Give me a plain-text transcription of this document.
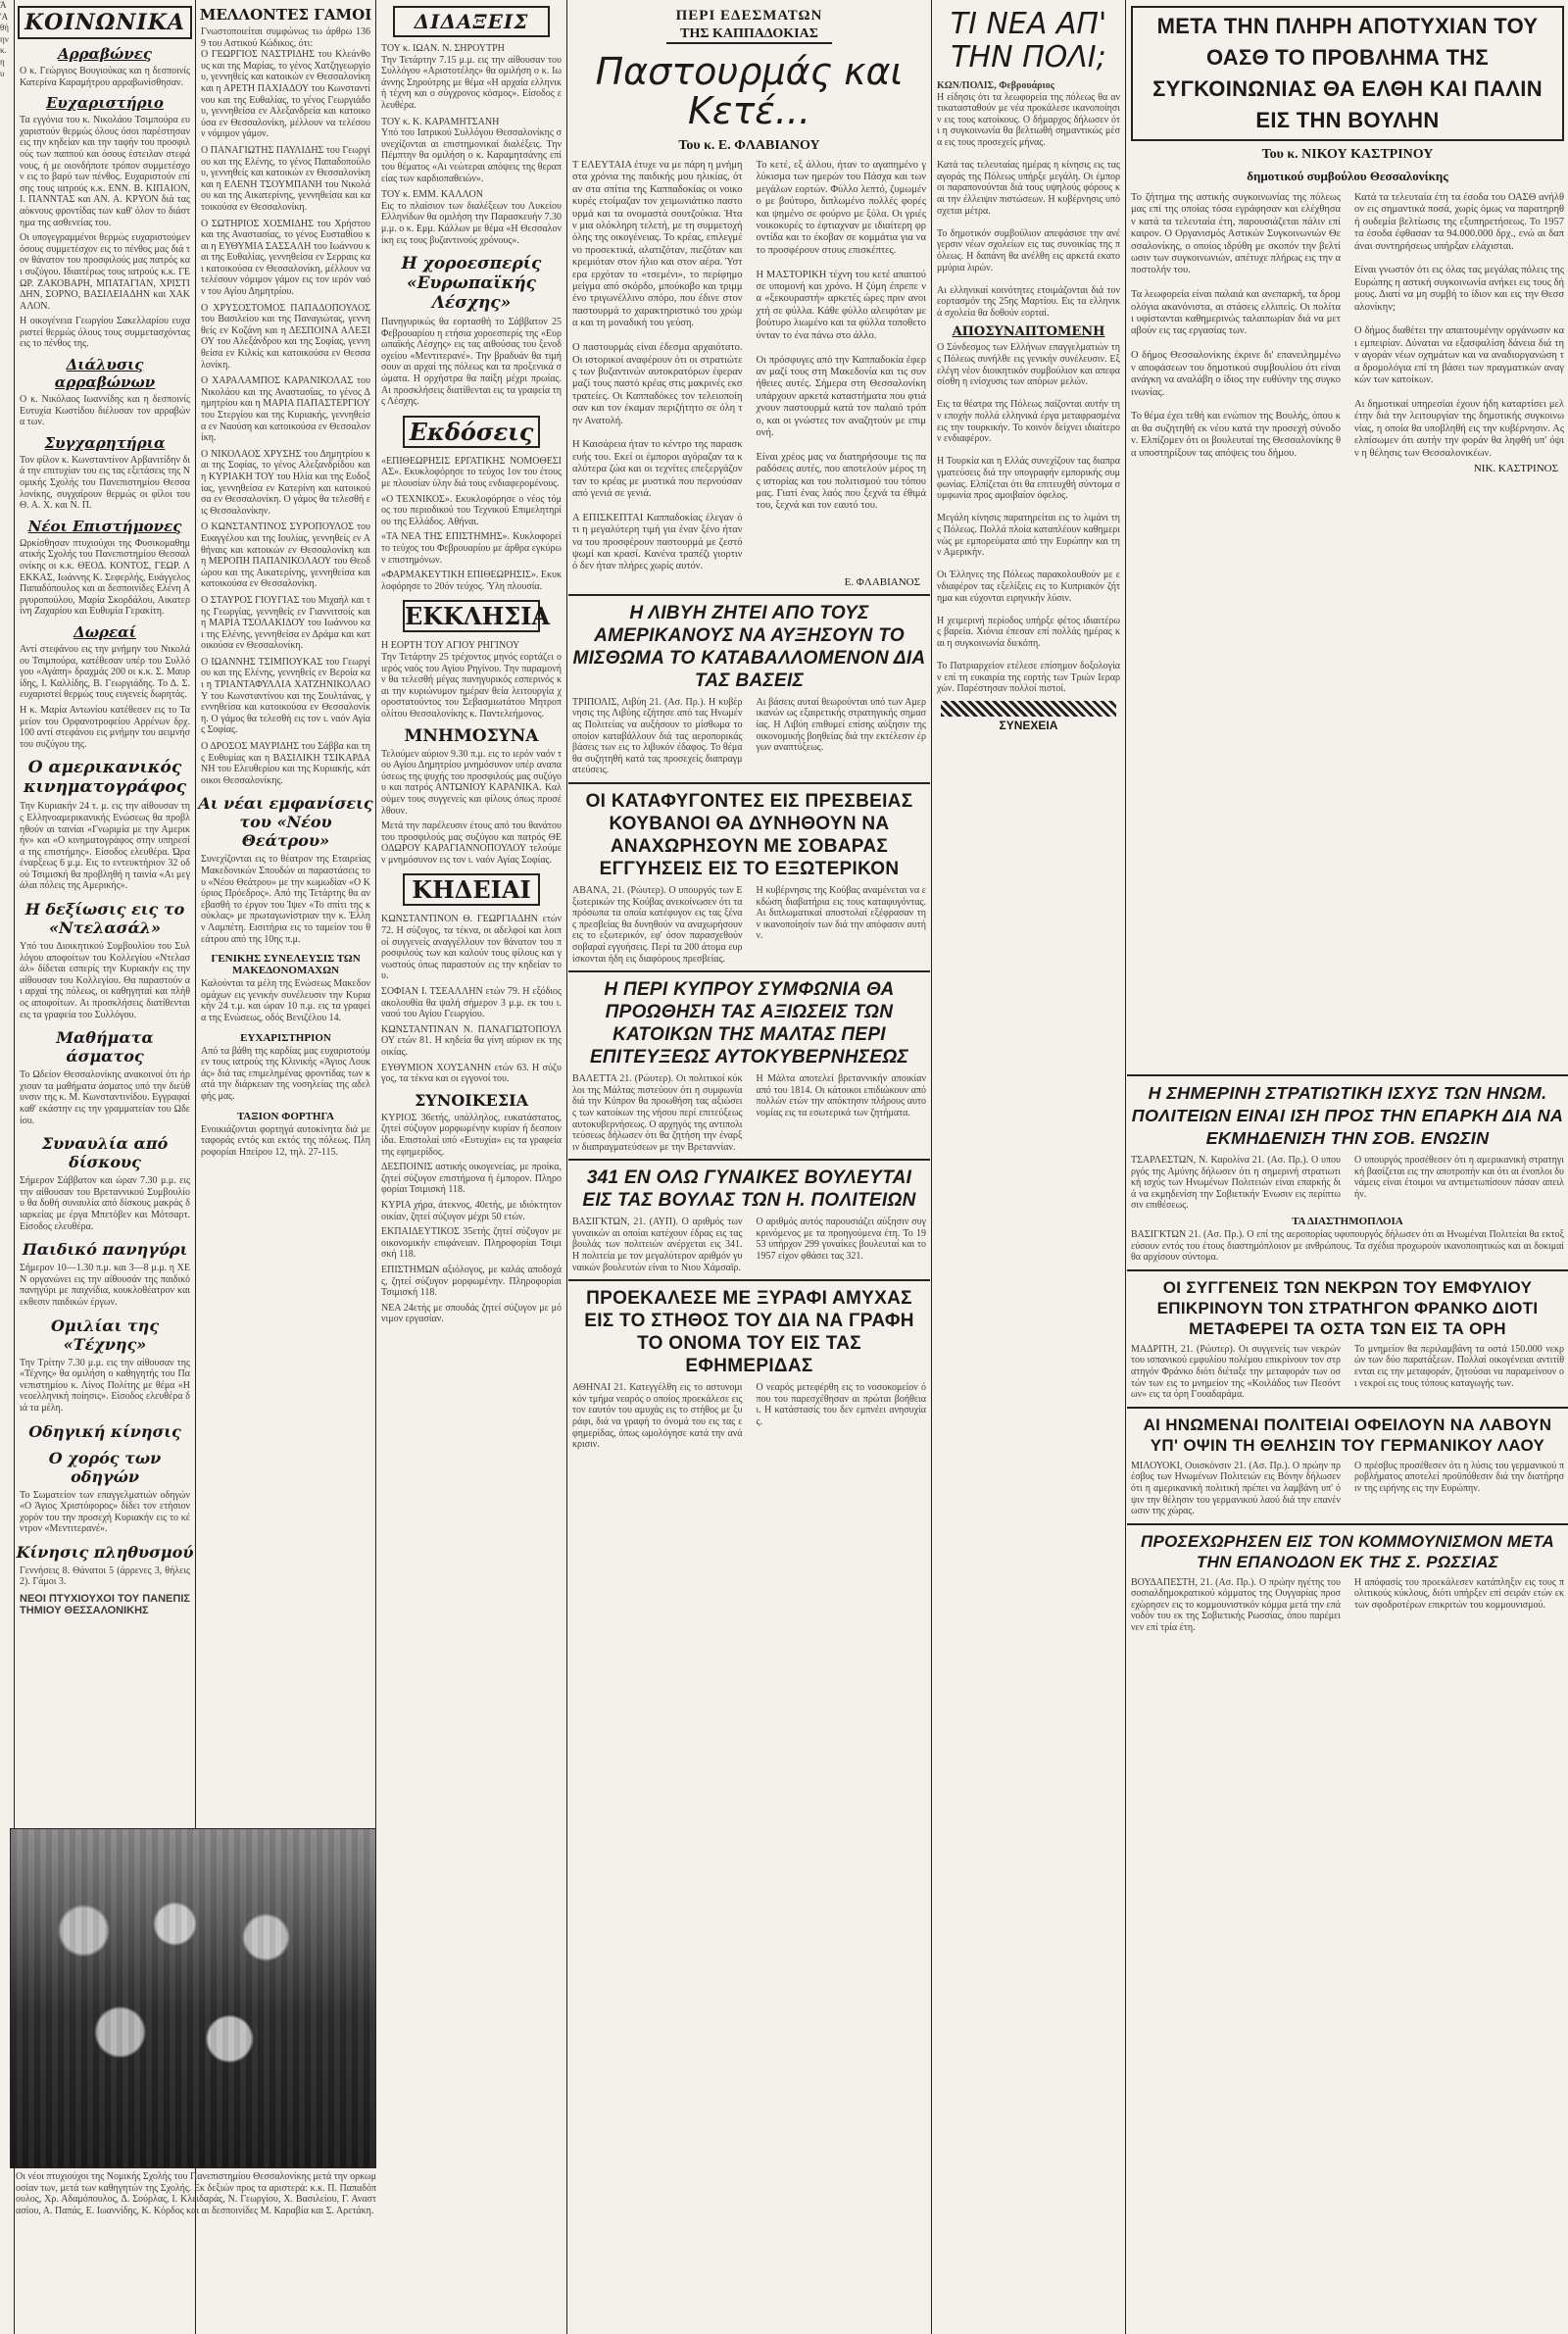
Ά
'Α
θή
ην
κ.
η
υ
ΚΟΙΝΩΝΙΚΑ
Αρραβώνες
Ο κ. Γεώργιος Βουγιούκας και η δεσποινίς Κατερίνα Καραμήτρου αρραβωνίσθησαν.
Ευχαριστήριο
Τα εγγόνια του κ. Νικολάου Τσιμπούρα ευχαριστούν θερμώς όλους όσοι παρέστησαν εις την κηδείαν και την ταφήν του προσφιλούς των παππού και όσους έστειλαν στεφάνους, ή με οιονδήποτε τρόπον συμμετέσχον εις το βαρύ των πένθος. Ευχαριστούν επίσης τους ιατρούς κ.κ. ΕΝΝ. Β. ΚΙΠΑΙΟΝ, Ι. ΠΑΝΝΤΑΣ και ΑΝ. Α. ΚΡΥΟΝ διά τας αόκνους φροντίδας των καθ' όλον το διάστημα της ασθενείας του.
Οι υπογεγραμμένοι θερμώς ευχαριστούμεν όσους συμμετέσχον εις το πένθος μας διά τον θάνατον του προσφιλούς μας πατρός και συζύγου. Ιδιαιτέρως τους ιατρούς κ.κ. ΓΕΩΡ. ΖΑΚΟΒΑΡΗ, ΜΠΑΤΑΓΙΑΝ, ΧΡΙΣΤΙΔΗΝ, ΣΟΡΝΟ, ΒΑΣΙΛΕΙΑΔΗΝ και ΧΑΚΑΛΟΝ.
Η οικογένεια Γεωργίου Σακελλαρίου ευχαριστεί θερμώς όλους τους συμμετασχόντας εις το πένθος της.
Διάλυσις αρραβώνων
Ο κ. Νικόλαος Ιωαννίδης και η δεσποινίς Ευτυχία Κωστίδου διέλυσαν τον αρραβώνα των.
Συγχαρητήρια
Τον φίλον κ. Κωνσταντίνον Αρβανιτίδην διά την επιτυχίαν του εις τας εξετάσεις της Νομικής Σχολής του Πανεπιστημίου Θεσσαλονίκης, συγχαίρουν θερμώς οι φίλοι του Θ. Α. Χ. και Ν. Π.
Νέοι Επιστήμονες
Ωρκίσθησαν πτυχιούχοι της Φυσικομαθηματικής Σχολής του Πανεπιστημίου Θεσσαλονίκης οι κ.κ. ΘΕΟΔ. ΚΟΝΤΟΣ, ΓΕΩΡ. ΛΕΚΚΑΣ, Ιωάννης Κ. Σεφερλής, Ευάγγελος Παπαδόπουλος και αι δεσποινίδες Ελένη Αργυροπούλου, Μαρία Σκορδάλου, Αικατερίνη Ζαχαρίου και Ευθυμία Γερακίτη.
Δωρεαί
Αντί στεφάνου εις την μνήμην του Νικολάου Τσιμπούρα, κατέθεσαν υπέρ του Συλλόγου «Αγάπη» δραχμάς 200 οι κ.κ. Σ. Μαυρίδης, Ι. Καλλίδης, Β. Γεωργιάδης. Το Δ. Σ. ευχαριστεί θερμώς τους ευγενείς δωρητάς.
Η κ. Μαρία Αντωνίου κατέθεσεν εις το Ταμείον του Ορφανοτροφείου Αρρένων δρχ. 100 αντί στεφάνου εις μνήμην του αειμνήστου συζύγου της.
Ο αμερικανικός κινηματογράφος
Την Κυριακήν 24 τ. μ. εις την αίθουσαν της Ελληνοαμερικανικής Ενώσεως θα προβληθούν αι ταινίαι «Γνωριμία με την Αμερικήν» και «Ο κινηματογράφος στην υπηρεσία της επιστήμης». Είσοδος ελευθέρα. Ώρα έναρξεως 6 μ.μ. Εις το εντευκτήριον 32 οδού Τσιμισκή θα προβληθή η ταινία «Αι μεγάλαι πόλεις της Αμερικής».
Η δεξίωσις εις το «Ντελασάλ»
Υπό του Διοικητικού Συμβουλίου του Συλλόγου αποφοίτων του Κολλεγίου «Ντελασάλ» δίδεται εσπερίς την Κυριακήν εις την αίθουσαν του Κολλεγίου. Θα παραστούν αι αρχαί της πόλεως, οι καθηγηταί και πλήθος αποφοίτων. Αι προσκλήσεις διατίθενται εις τα γραφεία του Συλλόγου.
Μαθήματα άσματος
Το Ωδείον Θεσσαλονίκης ανακοινοί ότι ήρχισαν τα μαθήματα άσματος υπό την διεύθυνσιν της κ. Μ. Κωνσταντινίδου. Εγγραφαί καθ' εκάστην εις την γραμματείαν του Ωδείου.
Συναυλία από δίσκους
Σήμερον Σάββατον και ώραν 7.30 μ.μ. εις την αίθουσαν του Βρεταννικού Συμβουλίου θα δοθή συναυλία από δίσκους μακράς διαρκείας με έργα Μπετόβεν και Μότσαρτ. Είσοδος ελευθέρα.
Παιδικό πανηγύρι
Σήμερον 10—1.30 π.μ. και 3—8 μ.μ. η ΧΕΝ οργανώνει εις την αίθουσάν της παιδικό πανηγύρι με παιχνίδια, κουκλοθέατρον και εκθεσιν παιδικών έργων.
Ομιλίαι της «Τέχνης»
Την Τρίτην 7.30 μ.μ. εις την αίθουσαν της «Τέχνης» θα ομιλήση ο καθηγητής του Πανεπιστημίου κ. Λίνος Πολίτης με θέμα «Η νεοελληνική ποίησις». Είσοδος ελευθέρα διά τα μέλη.
Οδηγική κίνησις
Ο χορός των οδηγών
Το Σωματείον των επαγγελματιών οδηγών «Ο Άγιος Χριστόφορος» δίδει τον ετήσιον χορόν του την προσεχή Κυριακήν εις το κέντρον «Μεντιτερανέ».
Κίνησις πληθυσμού
Γεννήσεις 8. Θάνατοι 5 (άρρενες 3, θήλεις 2). Γάμοι 3.
ΝΕΟΙ ΠΤΥΧΙΟΥΧΟΙ ΤΟΥ ΠΑΝΕΠΙΣΤΗΜΙΟΥ ΘΕΣΣΑΛΟΝΙΚΗΣ
Οι νέοι πτυχιούχοι της Νομικής Σχολής του Πανεπιστημίου Θεσσαλονίκης μετά την ορκωμοσίαν των, μετά των καθηγητών της Σχολής. Εκ δεξιών προς τα αριστερά: κ.κ. Π. Παπαδόπουλος, Χρ. Αδαμόπουλος, Δ. Σούρλας, Ι. Κλειδαράς, Ν. Γεωργίου, Χ. Βασιλείου, Γ. Αναστασίου, Α. Παπάς, Ε. Ιωαννίδης, Κ. Κόρδος και αι δεσποινίδες Μ. Καραβία και Σ. Αρετάκη.
ΜΕΛΛΟΝΤΕΣ ΓΑΜΟΙ
Γνωστοποιείται συμφώνως τω άρθρω 1369 του Αστικού Κώδικος, ότι:
Ο ΓΕΩΡΓΙΟΣ ΝΑΣΤΡΙΔΗΣ του Κλεάνθους και της Μαρίας, το γένος Χατζηγεωργίου, γεννηθείς και κατοικών εν Θεσσαλονίκη και η ΑΡΕΤΗ ΠΑΧΙΑΔΟΥ του Κωνσταντίνου και της Ευθαλίας, το γένος Γεωργιάδου, γεννηθείσα εν Αλεξανδρεία και κατοικούσα εν Θεσσαλονίκη, μέλλουν να τελέσουν νόμιμον γάμον.
Ο ΠΑΝΑΓΙΩΤΗΣ ΠΑΥΛΙΔΗΣ του Γεωργίου και της Ελένης, το γένος Παπαδοπούλου, γεννηθείς και κατοικών εν Θεσσαλονίκη και η ΕΛΕΝΗ ΤΣΟΥΜΠΑΝΗ του Νικολάου και της Αικατερίνης, γεννηθείσα και κατοικούσα εν Θεσσαλονίκη.
Ο ΣΩΤΗΡΙΟΣ ΧΟΣΜΙΔΗΣ του Χρήστου και της Αναστασίας, το γένος Ευσταθίου και η ΕΥΘΥΜΙΑ ΣΑΣΣΑΛΗ του Ιωάννου και της Ευθαλίας, γεννηθείσα εν Σερραις και κατοικούσα εν Θεσσαλονίκη, μέλλουν να τελέσουν νόμιμον γάμον εις τον ιερόν ναόν του Αγίου Δημητρίου.
Ο ΧΡΥΣΟΣΤΟΜΟΣ ΠΑΠΑΔΟΠΟΥΛΟΣ του Βασιλείου και της Παναγιώτας, γεννηθείς εν Κοζάνη και η ΔΕΣΠΟΙΝΑ ΑΛΕΞΙΟΥ του Αλεξάνδρου και της Σοφίας, γεννηθείσα εν Κιλκίς και κατοικούσα εν Θεσσαλονίκη.
Ο ΧΑΡΑΛΑΜΠΟΣ ΚΑΡΑΝΙΚΟΛΑΣ του Νικολάου και της Αναστασίας, το γένος Δημητρίου και η ΜΑΡΙΑ ΠΑΠΑΣΤΕΡΓΙΟΥ του Στεργίου και της Κυριακής, γεννηθείσα εν Ναούση και κατοικούσα εν Θεσσαλονίκη.
Ο ΝΙΚΟΛΑΟΣ ΧΡΥΣΗΣ του Δημητρίου και της Σοφίας, το γένος Αλεξανδρίδου και η ΚΥΡΙΑΚΗ ΤΟΥ του Ηλία και της Ευδοξίας, γεννηθείσα εν Κατερίνη και κατοικούσα εν Θεσσαλονίκη. Ο γάμος θα τελεσθή εις Θεσσαλονίκην.
Ο ΚΩΝΣΤΑΝΤΙΝΟΣ ΣΥΡΟΠΟΥΛΟΣ του Ευαγγέλου και της Ιουλίας, γεννηθείς εν Αθήναις και κατοικών εν Θεσσαλονίκη και η ΜΕΡΟΠΗ ΠΑΠΑΝΙΚΟΛΑΟΥ του Θεοδώρου και της Αικατερίνης, γεννηθείσα και κατοικούσα εν Θεσσαλονίκη.
Ο ΣΤΑΥΡΟΣ ΓΙΟΥΓΙΑΣ του Μιχαήλ και της Γεωργίας, γεννηθείς εν Γιαννιτσοίς και η ΜΑΡΙΑ ΤΣΟΛΑΚΙΔΟΥ του Ιωάννου και της Ελένης, γεννηθείσα εν Δράμα και κατοικούσα εν Θεσσαλονίκη.
Ο ΙΩΑΝΝΗΣ ΤΣΙΜΠΟΥΚΑΣ του Γεωργίου και της Ελένης, γεννηθείς εν Βεροία και η ΤΡΙΑΝΤΑΦΥΛΛΙΑ ΧΑΤΖΗΝΙΚΟΛΑΟΥ του Κωνσταντίνου και της Σουλτάνας, γεννηθείσα και κατοικούσα εν Θεσσαλονίκη. Ο γάμος θα τελεσθή εις τον ι. ναόν Αγίας Σοφίας.
Ο ΔΡΟΣΟΣ ΜΑΥΡΙΔΗΣ του Σάββα και της Ευθυμίας και η ΒΑΣΙΛΙΚΗ ΤΣΙΚΑΡΔΑΝΗ του Ελευθερίου και της Κυριακής, κάτοικοι Θεσσαλονίκης.
Αι νέαι εμφανίσεις του «Νέου Θεάτρου»
Συνεχίζονται εις το θέατρον της Εταιρείας Μακεδονικών Σπουδών αι παραστάσεις του «Νέου Θεάτρου» με την κωμωδίαν «Ο Κύριος Πρόεδρος». Από της Τετάρτης θα ανεβασθή το έργον του Ίψεν «Το σπίτι της κούκλας» με πρωταγωνίστριαν την κ. Έλλην Λαμπέτη. Εισιτήρια εις το ταμείον του θεάτρου από της 10ης π.μ.
ΓΕΝΙΚΗΣ ΣΥΝΕΛΕΥΣΙΣ ΤΩΝ ΜΑΚΕΔΟΝΟΜΑΧΩΝ
Καλούνται τα μέλη της Ενώσεως Μακεδονομάχων εις γενικήν συνέλευσιν την Κυριακήν 24 τ.μ. και ώραν 10 π.μ. εις τα γραφεία της Ενώσεως, οδός Βενιζέλου 14.
ΕΥΧΑΡΙΣΤΗΡΙΟΝ
Από τα βάθη της καρδίας μας ευχαριστούμεν τους ιατρούς της Κλινικής «Άγιος Λουκάς» διά τας επιμελημένας φροντίδας των κατά την διάρκειαν της νοσηλείας της αδελφής μας.
ΤΑΞΙΟΝ ΦΟΡΤΗΓΑ
Ενοικιάζονται φορτηγά αυτοκίνητα διά μεταφοράς εντός και εκτός της πόλεως. Πληροφορίαι Ηπείρου 12, τηλ. 27-115.
ΔΙΔΑΞΕΙΣ
ΤΟΥ κ. ΙΩΑΝ. Ν. ΣΗΡΟΥΤΡΗ
Την Τετάρτην 7.15 μ.μ. εις την αίθουσαν του Συλλόγου «Αριστοτέλης» θα ομιλήση ο κ. Ιωάννης Σηρούτρης με θέμα «Η αρχαία ελληνική τέχνη και ο σύγχρονος κόσμος». Είσοδος ελευθέρα.
ΤΟΥ κ. Κ. ΚΑΡΑΜΗΤΣΑΝΗ
Υπό του Ιατρικού Συλλόγου Θεσσαλονίκης συνεχίζονται αι επιστημονικαί διαλέξεις. Την Πέμπτην θα ομιλήση ο κ. Καραμητσάνης επί του θέματος «Αι νεώτεραι απόψεις της θεραπείας των καρδιοπαθειών».
ΤΟΥ κ. ΕΜΜ. ΚΑΛΛΟΝ
Εις το πλαίσιον των διαλέξεων του Λυκείου Ελληνίδων θα ομιλήση την Παρασκευήν 7.30 μ.μ. ο κ. Εμμ. Κάλλων με θέμα «Η Θεσσαλονίκη εις τους βυζαντινούς χρόνους».
Η χοροεσπερίς «Ευρωπαϊκής Λέσχης»
Πανηγυρικώς θα εορτασθή το Σάββατον 25 Φεβρουαρίου η ετήσια χοροεσπερίς της «Ευρωπαϊκής Λέσχης» εις τας αιθούσας του ξενοδοχείου «Μεντιτερανέ». Την βραδυάν θα τιμήσουν αι αρχαί της πόλεως και τα προξενικά σώματα. Η ορχήστρα θα παίξη μέχρι πρωίας. Αι προσκλήσεις διατίθενται εις τα γραφεία της Λέσχης.
Εκδόσεις
«ΕΠΙΘΕΩΡΗΣΙΣ ΕΡΓΑΤΙΚΗΣ ΝΟΜΟΘΕΣΙΑΣ». Εκυκλοφόρησε το τεύχος 1ον του έτους με πλουσίαν ύλην διά τους ενδιαφερομένους.
«Ο ΤΕΧΝΙΚΟΣ». Εκυκλοφόρησε ο νέος τόμος του περιοδικού του Τεχνικού Επιμελητηρίου της Ελλάδος. Αθήναι.
«ΤΑ ΝΕΑ ΤΗΣ ΕΠΙΣΤΗΜΗΣ». Κυκλοφορεί το τεύχος του Φεβρουαρίου με άρθρα εγκύρων επιστημόνων.
«ΦΑΡΜΑΚΕΥΤΙΚΗ ΕΠΙΘΕΩΡΗΣΙΣ». Εκυκλοφόρησε το 20όν τεύχος. Ύλη πλουσία.
ΕΚΚΛΗΣΙΑ
Η ΕΟΡΤΗ ΤΟΥ ΑΓΙΟΥ ΡΗΓΙΝΟΥ
Την Τετάρτην 25 τρέχοντος μηνός εορτάζει ο ιερός ναός του Αγίου Ρηγίνου. Την παραμονήν θα τελεσθή μέγας πανηγυρικός εσπερινός και την κυριώνυμον ημέραν θεία λειτουργία χοροστατούντος του Σεβασμιωτάτου Μητροπολίτου Θεσσαλονίκης κ. Παντελεήμονος.
ΜΝΗΜΟΣΥΝΑ
Τελούμεν αύριον 9.30 π.μ. εις το ιερόν ναόν του Αγίου Δημητρίου μνημόσυνον υπέρ αναπαύσεως της ψυχής του προσφιλούς μας συζύγου και πατρός ΑΝΤΩΝΙΟΥ ΚΑΡΑΝΙΚΑ. Καλούμεν τους συγγενείς και φίλους όπως προσέλθουν.
Μετά την παρέλευσιν έτους από του θανάτου του προσφιλούς μας συζύγου και πατρός ΘΕΟΔΩΡΟΥ ΚΑΡΑΓΙΑΝΝΟΠΟΥΛΟΥ τελούμεν μνημόσυνον εις τον ι. ναόν Αγίας Σοφίας.
ΚΗΔΕΙΑΙ
ΚΩΝΣΤΑΝΤΙΝΟΝ Θ. ΓΕΩΡΓΙΑΔΗΝ ετών 72. Η σύζυγος, τα τέκνα, οι αδελφοί και λοιποί συγγενείς αναγγέλλουν τον θάνατον του προσφιλούς των και καλούν τους φίλους και γνωστούς όπως παραστούν εις την κηδείαν του.
ΣΟΦΙΑΝ Ι. ΤΣΕΑΛΛΗΝ ετών 79. Η εξόδιος ακολουθία θα ψαλή σήμερον 3 μ.μ. εκ του ι. ναού του Αγίου Γεωργίου.
ΚΩΝΣΤΑΝΤΙΝΑΝ Ν. ΠΑΝΑΓΙΩΤΟΠΟΥΛΟΥ ετών 81. Η κηδεία θα γίνη αύριον εκ της οικίας.
ΕΥΘΥΜΙΟΝ ΧΟΥΣΑΝΗΝ ετών 63. Η σύζυγος, τα τέκνα και οι εγγονοί του.
ΣΥΝΟΙΚΕΣΙΑ
ΚΥΡΙΟΣ 36ετής, υπάλληλος, ευκατάστατος, ζητεί σύζυγον μορφωμένην κυρίαν ή δεσποινίδα. Επιστολαί υπό «Ευτυχία» εις τα γραφεία της εφημερίδος.
ΔΕΣΠΟΙΝΙΣ αστικής οικογενείας, με προίκα, ζητεί σύζυγον επιστήμονα ή έμπορον. Πληροφορίαι Τσιμισκή 118.
ΚΥΡΙΑ χήρα, άτεκνος, 40ετής, με ιδιόκτητον οικίαν, ζητεί σύζυγον μέχρι 50 ετών.
ΕΚΠΑΙΔΕΥΤΙΚΟΣ 35ετής ζητεί σύζυγον με οικονομικήν επιφάνειαν. Πληροφορίαι Τσιμισκή 118.
ΕΠΙΣΤΗΜΩΝ αξιόλογος, με καλάς αποδοχάς, ζητεί σύζυγον μορφωμένην. Πληροφορίαι Τσιμισκή 118.
ΝΕΑ 24ετής με σπουδάς ζητεί σύζυγον με μόνιμον εργασίαν.
ΠΕΡΙ ΕΔΕΣΜΑΤΩΝ
ΤΗΣ ΚΑΠΠΑΔΟΚΙΑΣ
Παστουρμάς και Κετέ...
Του κ. Ε. ΦΛΑΒΙΑΝΟΥ
Τ ΕΛΕΥΤΑΙΑ έτυχε να με πάρη η μνήμη στα χρόνια της παιδικής μου ηλικίας, όταν στα σπίτια της Καππαδοκίας οι νοικοκυρές ετοίμαζαν τον χειμωνιάτικο παστουρμά και τα ονομαστά σουτζούκια. Ήταν μια ολόκληρη τελετή, με τη συμμετοχή όλης της οικογένειας. Το κρέας, επιλεγμένο προσεκτικά, αλατιζόταν, πιεζόταν και κρεμιόταν στον ήλιο και στον αέρα. Ύστερα ερχόταν το «τσεμένι», το περίφημο μείγμα από σκόρδο, μπούκοβο και τριμμένο τριγωνέλλινο σπόρο, που έδινε στον παστουρμά το χαρακτηριστικό του χρώμα και τη μοναδική του γεύση.

Ο παστουρμάς είναι έδεσμα αρχαιότατο. Οι ιστορικοί αναφέρουν ότι οι στρατιώτες των βυζαντινών αυτοκρατόρων έφεραν μαζί τους παστό κρέας στις μακρινές εκστρατείες. Οι Καππαδόκες τον τελειοποίησαν και τον έκαμαν περιζήτητο σε όλη την Ανατολή.

Η Καισάρεια ήταν το κέντρο της παρασκευής του. Εκεί οι έμποροι αγόραζαν τα καλύτερα ζώα και οι τεχνίτες επεξεργάζονταν το κρέας με μυστικά που περνούσαν από γενιά σε γενιά.

Α ΕΠΙΣΚΕΠΤΑΙ Καππαδοκίας έλεγαν ότι η μεγαλύτερη τιμή για έναν ξένο ήταν να του προσφέρουν παστουρμά με ζεστό ψωμί και κρασί. Κανένα τραπέζι γιορτινό δεν ήταν πλήρες χωρίς αυτόν.
Το κετέ, εξ άλλου, ήταν το αγαπημένο γλύκισμα των ημερών του Πάσχα και των μεγάλων εορτών. Φύλλο λεπτό, ζυμωμένο με βούτυρο, διπλωμένο πολλές φορές και ψημένο σε φούρνο με ξύλα. Οι γριές νοικοκυρές το έφτιαχναν με ιδιαίτερη φροντίδα και το έκοβαν σε κομμάτια για να το προσφέρουν στους επισκέπτες.

Η ΜΑΣΤΟΡΙΚΗ τέχνη του κετέ απαιτούσε υπομονή και χρόνο. Η ζύμη έπρεπε να «ξεκουραστή» αρκετές ώρες πριν ανοιχτή σε φύλλα. Κάθε φύλλο αλειφόταν με βούτυρο λιωμένο και τα φύλλα τοποθετούνταν το ένα πάνω στο άλλο.

Οι πρόσφυγες από την Καππαδοκία έφεραν μαζί τους στη Μακεδονία και τις συνήθειες αυτές. Σήμερα στη Θεσσαλονίκη υπάρχουν αρκετά καταστήματα που φτιάχνουν παστουρμά κατά τον παλαιό τρόπο, και οι γνώστες τον αναζητούν με επιμονή.

Είναι χρέος μας να διατηρήσουμε τις παραδόσεις αυτές, που αποτελούν μέρος της ιστορίας και του πολιτισμού του τόπου μας. Γιατί ένας λαός που ξεχνά τα έθιμά του, ξεχνά και τον εαυτό του.
Ε. ΦΛΑΒΙΑΝΟΣ
Η ΛΙΒΥΗ ΖΗΤΕΙ ΑΠΟ ΤΟΥΣ ΑΜΕΡΙΚΑΝΟΥΣ ΝΑ ΑΥΞΗΣΟΥΝ ΤΟ ΜΙΣΘΩΜΑ ΤΟ ΚΑΤΑΒΑΛΛΟΜΕΝΟΝ ΔΙΑ ΤΑΣ ΒΑΣΕΙΣ
ΤΡΙΠΟΛΙΣ, Λιβύη 21. (Ασ. Πρ.). Η κυβέρνησις της Λιβύης εζήτησε από τας Ηνωμένας Πολιτείας να αυξήσουν το μίσθωμα το οποίον καταβάλλουν διά τας αεροπορικάς βάσεις των εις το λιβυκόν έδαφος. Το θέμα θα συζητηθή κατά τας προσεχείς διαπραγματεύσεις.
Αι βάσεις αυταί θεωρούνται υπό των Αμερικανών ως εξαιρετικής στρατηγικής σημασίας. Η Λιβύη επιθυμεί επίσης αύξησιν της οικονομικής βοηθείας διά την εκτέλεσιν έργων αναπτύξεως.
ΟΙ ΚΑΤΑΦΥΓΟΝΤΕΣ ΕΙΣ ΠΡΕΣΒΕΙΑΣ ΚΟΥΒΑΝΟΙ ΘΑ ΔΥΝΗΘΟΥΝ ΝΑ ΑΝΑΧΩΡΗΣΟΥΝ ΜΕ ΣΟΒΑΡΑΣ ΕΓΓΥΗΣΕΙΣ ΕΙΣ ΤΟ ΕΞΩΤΕΡΙΚΟΝ
ΑΒΑΝΑ, 21. (Ρώυτερ). Ο υπουργός των Εξωτερικών της Κούβας ανεκοίνωσεν ότι τα πρόσωπα τα οποία κατέφυγον εις τας ξένας πρεσβείας θα δυνηθούν να αναχωρήσουν εις το εξωτερικόν, εφ' όσον παρασχεθούν σοβαραί εγγυήσεις. Περί τα 200 άτομα ευρίσκονται ήδη εις διαφόρους πρεσβείας.
Η κυβέρνησις της Κούβας αναμένεται να εκδώση διαβατήρια εις τους καταφυγόντας. Αι διπλωματικαί αποστολαί εξέφρασαν την ικανοποίησίν των διά την απόφασιν αυτήν.
Η ΠΕΡΙ ΚΥΠΡΟΥ ΣΥΜΦΩΝΙΑ ΘΑ ΠΡΟΩΘΗΣΗ ΤΑΣ ΑΞΙΩΣΕΙΣ ΤΩΝ ΚΑΤΟΙΚΩΝ ΤΗΣ ΜΑΛΤΑΣ ΠΕΡΙ ΕΠΙΤΕΥΞΕΩΣ ΑΥΤΟΚΥΒΕΡΝΗΣΕΩΣ
ΒΑΛΕΤΤΑ 21. (Ρώυτερ). Οι πολιτικοί κύκλοι της Μάλτας πιστεύουν ότι η συμφωνία διά την Κύπρον θα προωθήση τας αξιώσεις των κατοίκων της νήσου περί επιτεύξεως αυτοκυβερνήσεως. Ο αρχηγός της αντιπολιτεύσεως δήλωσεν ότι θα ζητήση την έναρξιν διαπραγματεύσεων με την Βρεταννίαν.
Η Μάλτα αποτελεί βρεταννικήν αποικίαν από του 1814. Οι κάτοικοι επιδιώκουν από πολλών ετών την απόκτησιν πλήρους αυτονομίας εις τα εσωτερικά των ζητήματα.
341 ΕΝ ΟΛΩ ΓΥΝΑΙΚΕΣ ΒΟΥΛΕΥΤΑΙ ΕΙΣ ΤΑΣ ΒΟΥΛΑΣ ΤΩΝ Η. ΠΟΛΙΤΕΙΩΝ
ΒΑΣΙΓΚΤΩΝ, 21. (ΑΥΠ). Ο αριθμός των γυναικών αι οποίαι κατέχουν έδρας εις τας βουλάς των πολιτειών ανέρχεται εις 341. Η πολιτεία με τον μεγαλύτερον αριθμόν γυναικών βουλευτών είναι το Νιου Χάμσαϊρ.
Ο αριθμός αυτός παρουσιάζει αύξησιν συγκρινόμενος με τα προηγούμενα έτη. Το 1953 υπήρχον 299 γυναίκες βουλευταί και το 1957 είχον φθάσει τας 321.
ΠΡΟΕΚΑΛΕΣΕ ΜΕ ΞΥΡΑΦΙ ΑΜΥΧΑΣ ΕΙΣ ΤΟ ΣΤΗΘΟΣ ΤΟΥ ΔΙΑ ΝΑ ΓΡΑΦΗ ΤΟ ΟΝΟΜΑ ΤΟΥ ΕΙΣ ΤΑΣ ΕΦΗΜΕΡΙΔΑΣ
ΑΘΗΝΑΙ 21. Κατεγγέλθη εις το αστυνομικόν τμήμα νεαρός ο οποίος προεκάλεσε εις τον εαυτόν του αμυχάς εις το στήθος με ξυράφι, διά να γραφή το όνομά του εις τας εφημερίδας, όπως ωμολόγησε κατά την ανάκρισιν.
Ο νεαρός μετεφέρθη εις το νοσοκομείον όπου του παρεσχέθησαν αι πρώται βοήθειαι. Η κατάστασίς του δεν εμπνέει ανησυχίας.
ΤΙ ΝΕΑ ΑΠ' ΤΗΝ ΠΟΛΙ;
ΚΩΝ/ΠΟΛΙΣ, Φεβρουάριος
Η είδησις ότι τα λεωφορεία της πόλεως θα αντικατασταθούν με νέα προκάλεσε ικανοποίησιν εις τους κατοίκους. Ο δήμαρχος δήλωσεν ότι η συγκοινωνία θα βελτιωθή σημαντικώς μέσα εις τους προσεχείς μήνας.

Κατά τας τελευταίας ημέρας η κίνησις εις τας αγοράς της Πόλεως υπήρξε μεγάλη. Οι έμποροι παραπονούνται διά τους υψηλούς φόρους και την έλλειψιν πιστώσεων. Η κυβέρνησις υπόσχεται μέτρα.

Το δημοτικόν συμβούλιον απεφάσισε την ανέγερσιν νέων σχολείων εις τας συνοικίας της πόλεως. Η δαπάνη θα ανέλθη εις αρκετά εκατομμύρια λιρών.

Αι ελληνικαί κοινότητες ετοιμάζονται διά τον εορτασμόν της 25ης Μαρτίου. Εις τα ελληνικά σχολεία θα δοθούν εορταί.
ΑΠΟΣΥΝΑΠΤΟΜΕΝΗ
Ο Σύνδεσμος των Ελλήνων επαγγελματιών της Πόλεως συνήλθε εις γενικήν συνέλευσιν. Εξελέγη νέον διοικητικόν συμβούλιον και απεφασίσθη η ενίσχυσις των απόρων μελών.

Εις τα θέατρα της Πόλεως παίζονται αυτήν την εποχήν πολλά ελληνικά έργα μεταφρασμένα εις την τουρκικήν. Το κοινόν δείχνει ιδιαίτερον ενδιαφέρον.

Η Τουρκία και η Ελλάς συνεχίζουν τας διαπραγματεύσεις διά την υπογραφήν εμπορικής συμφωνίας. Ελπίζεται ότι θα επιτευχθή σύντομα συμφωνία προς αμοιβαίον όφελος.

Μεγάλη κίνησις παρατηρείται εις το λιμάνι της Πόλεως. Πολλά πλοία καταπλέουν καθημερινώς με εμπορεύματα από την Ευρώπην και την Αμερικήν.

Οι Έλληνες της Πόλεως παρακολουθούν με ενδιαφέρον τας εξελίξεις εις το Κυπριακόν ζήτημα και εύχονται ειρηνικήν λύσιν.

Η χειμερινή περίοδος υπήρξε φέτος ιδιαιτέρως βαρεία. Χιόνια έπεσαν επί πολλάς ημέρας και η συγκοινωνία διεκόπη.

Το Πατριαρχείον ετέλεσε επίσημον δοξολογίαν επί τη ευκαιρία της εορτής των Τριών Ιεραρχών. Παρέστησαν πολλοί πιστοί.
ΣΥΝΕΧΕΙΑ
ΜΕΤΑ ΤΗΝ ΠΛΗΡΗ ΑΠΟΤΥΧΙΑΝ ΤΟΥ ΟΑΣΘ ΤΟ ΠΡΟΒΛΗΜΑ ΤΗΣ ΣΥΓΚΟΙΝΩΝΙΑΣ ΘΑ ΕΛΘΗ ΚΑΙ ΠΑΛΙΝ ΕΙΣ ΤΗΝ ΒΟΥΛΗΝ
Του κ. ΝΙΚΟΥ ΚΑΣΤΡΙΝΟΥ
δημοτικού συμβούλου Θεσσαλονίκης
Το ζήτημα της αστικής συγκοινωνίας της πόλεως μας επί της οποίας τόσα εγράφησαν και ελέχθησαν κατά τα τελευταία έτη, παρουσιάζεται πάλιν επίκαιρον. Ο Οργανισμός Αστικών Συγκοινωνιών Θεσσαλονίκης, ο οποίος ιδρύθη με σκοπόν την βελτίωσιν των συγκοινωνιών, απέτυχε πλήρως εις την αποστολήν του.

Τα λεωφορεία είναι παλαιά και ανεπαρκή, τα δρομολόγια ακανόνιστα, αι στάσεις ελλιπείς. Οι πολίται υφίστανται καθημερινώς ταλαιπωρίαν διά να μεταβούν εις τας εργασίας των.

Ο δήμος Θεσσαλονίκης έκρινε δι' επανειλημμένων αποφάσεων του δημοτικού συμβουλίου ότι είναι ανάγκη να αναλάβη ο ίδιος την ευθύνην της συγκοινωνίας.

Το θέμα έχει τεθή και ενώπιον της Βουλής, όπου και θα συζητηθή εκ νέου κατά την προσεχή σύνοδον. Ελπίζομεν ότι οι βουλευταί της Θεσσαλονίκης θα υποστηρίξουν τας απόψεις του δήμου.
Κατά τα τελευταία έτη τα έσοδα του ΟΑΣΘ ανήλθον εις σημαντικά ποσά, χωρίς όμως να παρατηρηθή ουδεμία βελτίωσις της εξυπηρετήσεως. Το 1957 τα έσοδα έφθασαν τα 94.000.000 δρχ., ενώ αι δαπάναι συντηρήσεως υπήρξαν ελάχισται.

Είναι γνωστόν ότι εις όλας τας μεγάλας πόλεις της Ευρώπης η αστική συγκοινωνία ανήκει εις τους δήμους. Διατί να μη συμβή το ίδιον και εις την Θεσσαλονίκην;

Ο δήμος διαθέτει την απαιτουμένην οργάνωσιν και εμπειρίαν. Δύναται να εξασφαλίση δάνεια διά την αγοράν νέων οχημάτων και να αναδιοργανώση τα δρομολόγια επί τη βάσει των πραγματικών αναγκών των κατοίκων.

Αι δημοτικαί υπηρεσίαι έχουν ήδη καταρτίσει μελέτην διά την λειτουργίαν της δημοτικής συγκοινωνίας, η οποία θα υποβληθή εις την κυβέρνησιν. Ας ελπίσωμεν ότι αυτήν την φοράν θα ληφθή υπ' όψιν η θέλησις των Θεσσαλονικέων.
ΝΙΚ. ΚΑΣΤΡΙΝΟΣ
Η ΣΗΜΕΡΙΝΗ ΣΤΡΑΤΙΩΤΙΚΗ ΙΣΧΥΣ ΤΩΝ ΗΝΩΜ. ΠΟΛΙΤΕΙΩΝ ΕΙΝΑΙ ΙΣΗ ΠΡΟΣ ΤΗΝ ΕΠΑΡΚΗ ΔΙΑ ΝΑ ΕΚΜΗΔΕΝΙΣΗ ΤΗΝ ΣΟΒ. ΕΝΩΣΙΝ
ΤΣΑΡΛΕΣΤΩΝ, Ν. Καρολίνα 21. (Ασ. Πρ.). Ο υπουργός της Αμύνης δήλωσεν ότι η σημερινή στρατιωτική ισχύς των Ηνωμένων Πολιτειών είναι επαρκής διά να εκμηδενίση την Σοβιετικήν Ένωσιν εις περίπτωσιν επιθέσεως.
Ο υπουργός προσέθεσεν ότι η αμερικανική στρατηγική βασίζεται εις την αποτροπήν και ότι αι ένοπλοι δυνάμεις είναι έτοιμοι να αντιμετωπίσουν πάσαν απειλήν.
ΤΑ ΔΙΑΣΤΗΜΟΠΛΟΙΑ
ΒΑΣΙΓΚΤΩΝ 21. (Ασ. Πρ.). Ο επί της αεροπορίας υφυπουργός δήλωσεν ότι αι Ηνωμέναι Πολιτείαι θα εκτοξεύσουν εντός του έτους διαστημόπλοιον με ανθρώπους. Τα σχέδια προχωρούν ικανοποιητικώς και αι δοκιμαί θα αρχίσουν σύντομα.
ΟΙ ΣΥΓΓΕΝΕΙΣ ΤΩΝ ΝΕΚΡΩΝ ΤΟΥ ΕΜΦΥΛΙΟΥ ΕΠΙΚΡΙΝΟΥΝ ΤΟΝ ΣΤΡΑΤΗΓΟΝ ΦΡΑΝΚΟ ΔΙΟΤΙ ΜΕΤΑΦΕΡΕΙ ΤΑ ΟΣΤΑ ΤΩΝ ΕΙΣ ΤΑ ΟΡΗ
ΜΑΔΡΙΤΗ, 21. (Ρώυτερ). Οι συγγενείς των νεκρών του ισπανικού εμφυλίου πολέμου επικρίνουν τον στρατηγόν Φράνκο διότι διέταξε την μεταφοράν των οστών των εις το μνημείον της «Κοιλάδος των Πεσόντων» εις τα όρη Γουαδαράμα.
Το μνημείον θα περιλαμβάνη τα οστά 150.000 νεκρών των δύο παρατάξεων. Πολλαί οικογένειαι αντιτίθενται εις την μεταφοράν, ζητούσαι να παραμείνουν οι νεκροί εις τους τόπους καταγωγής των.
ΑΙ ΗΝΩΜΕΝΑΙ ΠΟΛΙΤΕΙΑΙ ΟΦΕΙΛΟΥΝ ΝΑ ΛΑΒΟΥΝ ΥΠ' ΟΨΙΝ ΤΗ ΘΕΛΗΣΙΝ ΤΟΥ ΓΕΡΜΑΝΙΚΟΥ ΛΑΟΥ
ΜΙΛΟΥΟΚΙ, Ουισκόνσιν 21. (Ασ. Πρ.). Ο πρώην πρέσβυς των Ηνωμένων Πολιτειών εις Βόνην δήλωσεν ότι η αμερικανική πολιτική πρέπει να λαμβάνη υπ' όψιν την θέλησιν του γερμανικού λαού διά την επανένωσιν της χώρας.
Ο πρέσβυς προσέθεσεν ότι η λύσις του γερμανικού προβλήματος αποτελεί προϋπόθεσιν διά την διατήρησιν της ειρήνης εις την Ευρώπην.
ΠΡΟΣΕΧΩΡΗΣΕΝ ΕΙΣ ΤΟΝ ΚΟΜΜΟΥΝΙΣΜΟΝ ΜΕΤΑ ΤΗΝ ΕΠΑΝΟΔΟΝ ΕΚ ΤΗΣ Σ. ΡΩΣΣΙΑΣ
ΒΟΥΔΑΠΕΣΤΗ, 21. (Ασ. Πρ.). Ο πρώην ηγέτης του σοσιαλδημοκρατικού κόμματος της Ουγγαρίας προσεχώρησεν εις το κομμουνιστικόν κόμμα μετά την επάνοδόν του εκ της Σοβιετικής Ρωσσίας, όπου παρέμεινεν επί τρία έτη.
Η απόφασίς του προεκάλεσεν κατάπληξιν εις τους πολιτικούς κύκλους, διότι υπήρξεν επί σειράν ετών εκ των σφοδροτέρων επικριτών του κομμουνισμού.
